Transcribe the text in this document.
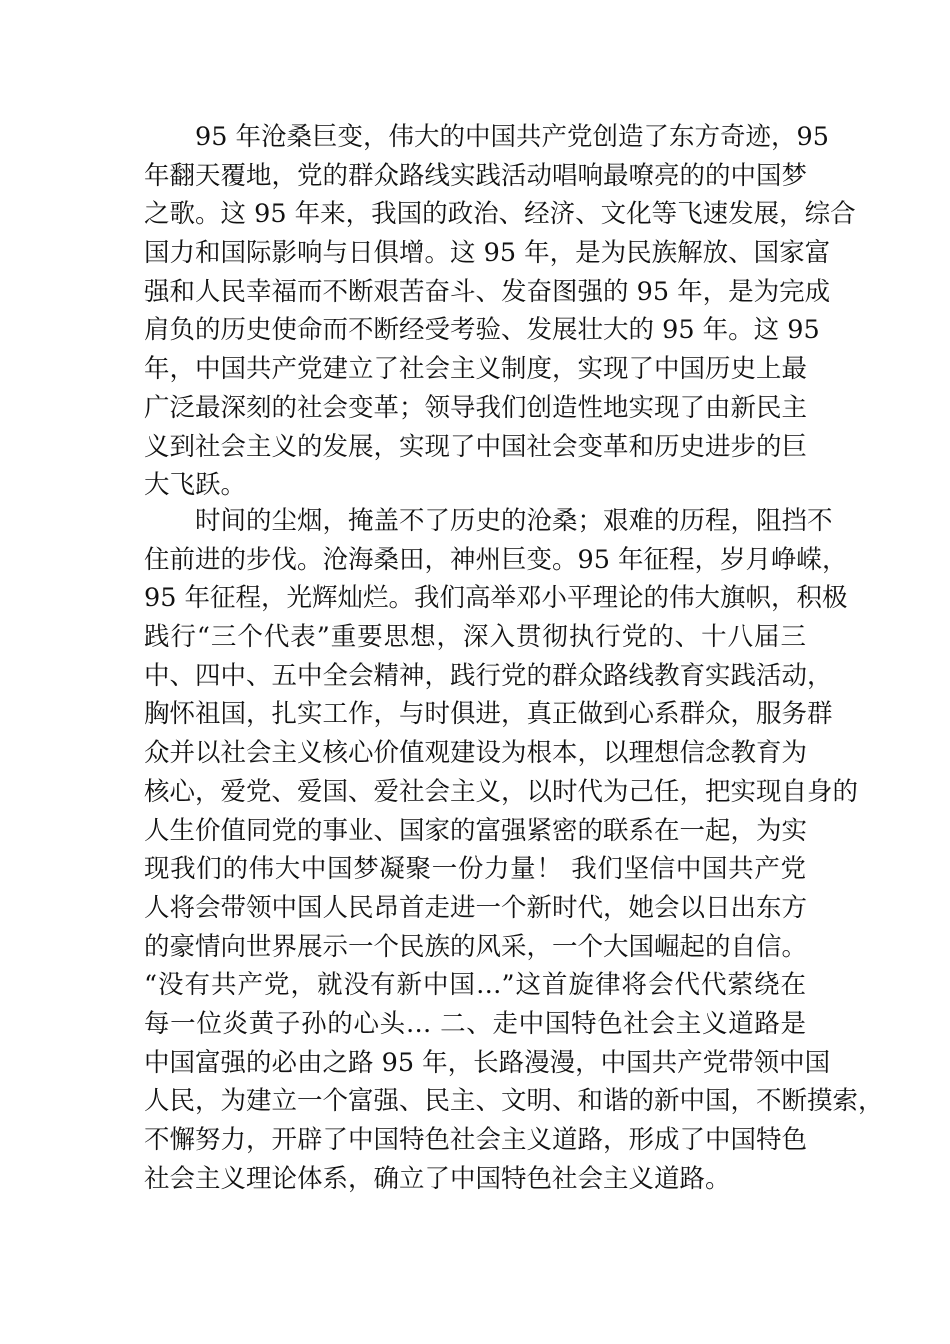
95 年沧桑巨变，伟大的中国共产党创造了东方奇迹，95
年翻天覆地，党的群众路线实践活动唱响最嘹亮的的中国梦
之歌。这 95 年来，我国的政治、经济、文化等飞速发展，综合
国力和国际影响与日俱增。这 95 年，是为民族解放、国家富
强和人民幸福而不断艰苦奋斗、发奋图强的 95 年，是为完成
肩负的历史使命而不断经受考验、发展壮大的 95 年。这 95
年，中国共产党建立了社会主义制度，实现了中国历史上最
广泛最深刻的社会变革；领导我们创造性地实现了由新民主
义到社会主义的发展，实现了中国社会变革和历史进步的巨
大飞跃。
时间的尘烟，掩盖不了历史的沧桑；艰难的历程，阻挡不
住前进的步伐。沧海桑田，神州巨变。95 年征程，岁月峥嵘，
95 年征程，光辉灿烂。我们高举邓小平理论的伟大旗帜，积极
践行“三个代表”重要思想，深入贯彻执行党的、十八届三
中、四中、五中全会精神，践行党的群众路线教育实践活动，
胸怀祖国，扎实工作，与时俱进，真正做到心系群众，服务群
众并以社会主义核心价值观建设为根本，以理想信念教育为
核心，爱党、爱国、爱社会主义，以时代为己任，把实现自身的
人生价值同党的事业、国家的富强紧密的联系在一起，为实
现我们的伟大中国梦凝聚一份力量！ 我们坚信中国共产党
人将会带领中国人民昂首走进一个新时代，她会以日出东方
的豪情向世界展示一个民族的风采，一个大国崛起的自信。
“没有共产党，就没有新中国…”这首旋律将会代代萦绕在
每一位炎黄子孙的心头… 二、走中国特色社会主义道路是
中国富强的必由之路 95 年，长路漫漫，中国共产党带领中国
人民，为建立一个富强、民主、文明、和谐的新中国，不断摸索，
不懈努力，开辟了中国特色社会主义道路，形成了中国特色
社会主义理论体系，确立了中国特色社会主义道路。
